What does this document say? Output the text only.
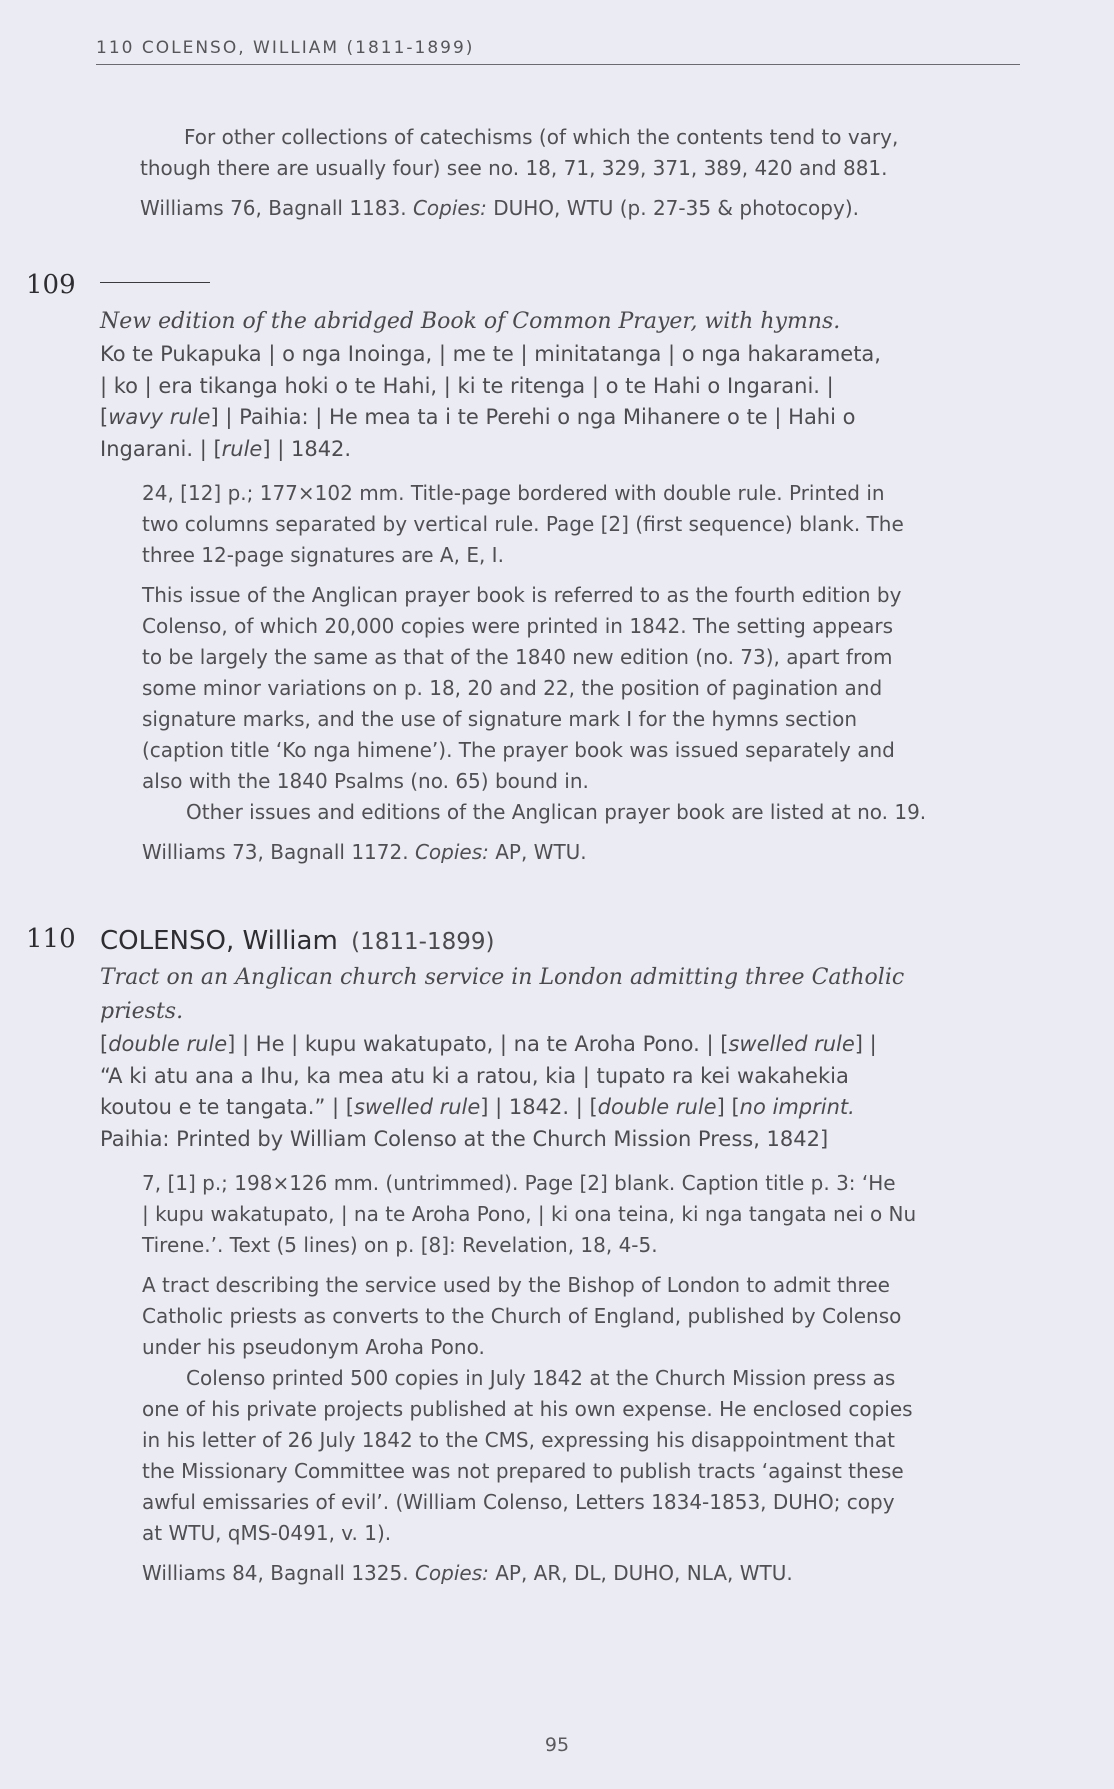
110 COLENSO, WILLIAM (1811-1899)

For other collections of catechisms (of which the contents tend to vary,

though there are usually four) see no. 18, 71, 329, 371, 389, 420 and 881.

Williams 76, Bagnall 1183. Copies: DUHO, WTU (p. 27-35 & photocopy).

109

New edition of the abridged Book of Common Prayer, with hymns.

Ko te Pukapuka | o nga Inoinga, | me te | minitatanga | o nga hakarameta,

| ko | era tikanga hoki o te Hahi, | ki te ritenga | o te Hahi o Ingarani. |

[wavy rule] | Paihia: | He mea ta i te Perehi o nga Mihanere o te | Hahi o

Ingarani. | [rule] | 1842.

24, [12] p.; 177×102 mm. Title-page bordered with double rule. Printed in

two columns separated by vertical rule. Page [2] (first sequence) blank. The

three 12-page signatures are A, E, I.

This issue of the Anglican prayer book is referred to as the fourth edition by

Colenso, of which 20,000 copies were printed in 1842. The setting appears

to be largely the same as that of the 1840 new edition (no. 73), apart from

some minor variations on p. 18, 20 and 22, the position of pagination and

signature marks, and the use of signature mark I for the hymns section

(caption title ‘Ko nga himene’). The prayer book was issued separately and

also with the 1840 Psalms (no. 65) bound in.

Other issues and editions of the Anglican prayer book are listed at no. 19.

Williams 73, Bagnall 1172. Copies: AP, WTU.

110 COLENSO, William (1811-1899)

Tract on an Anglican church service in London admitting three Catholic

priests.

[double rule] | He | kupu wakatupato, | na te Aroha Pono. | [swelled rule] |

“A ki atu ana a Ihu, ka mea atu ki a ratou, kia | tupato ra kei wakahekia

koutou e te tangata.” | [swelled rule] | 1842. | [double rule] [no imprint.

Paihia: Printed by William Colenso at the Church Mission Press, 1842]

7, [1] p.; 198×126 mm. (untrimmed). Page [2] blank. Caption title p. 3: ‘He

| kupu wakatupato, | na te Aroha Pono, | ki ona teina, ki nga tangata nei o Nu

Tirene.’. Text (5 lines) on p. [8]: Revelation, 18, 4-5.

A tract describing the service used by the Bishop of London to admit three

Catholic priests as converts to the Church of England, published by Colenso

under his pseudonym Aroha Pono.

Colenso printed 500 copies in July 1842 at the Church Mission press as

one of his private projects published at his own expense. He enclosed copies

in his letter of 26 July 1842 to the CMS, expressing his disappointment that

the Missionary Committee was not prepared to publish tracts ‘against these

awful emissaries of evil’. (William Colenso, Letters 1834-1853, DUHO; copy

at WTU, qMS-0491, v. 1).

Williams 84, Bagnall 1325. Copies: AP, AR, DL, DUHO, NLA, WTU.

95
